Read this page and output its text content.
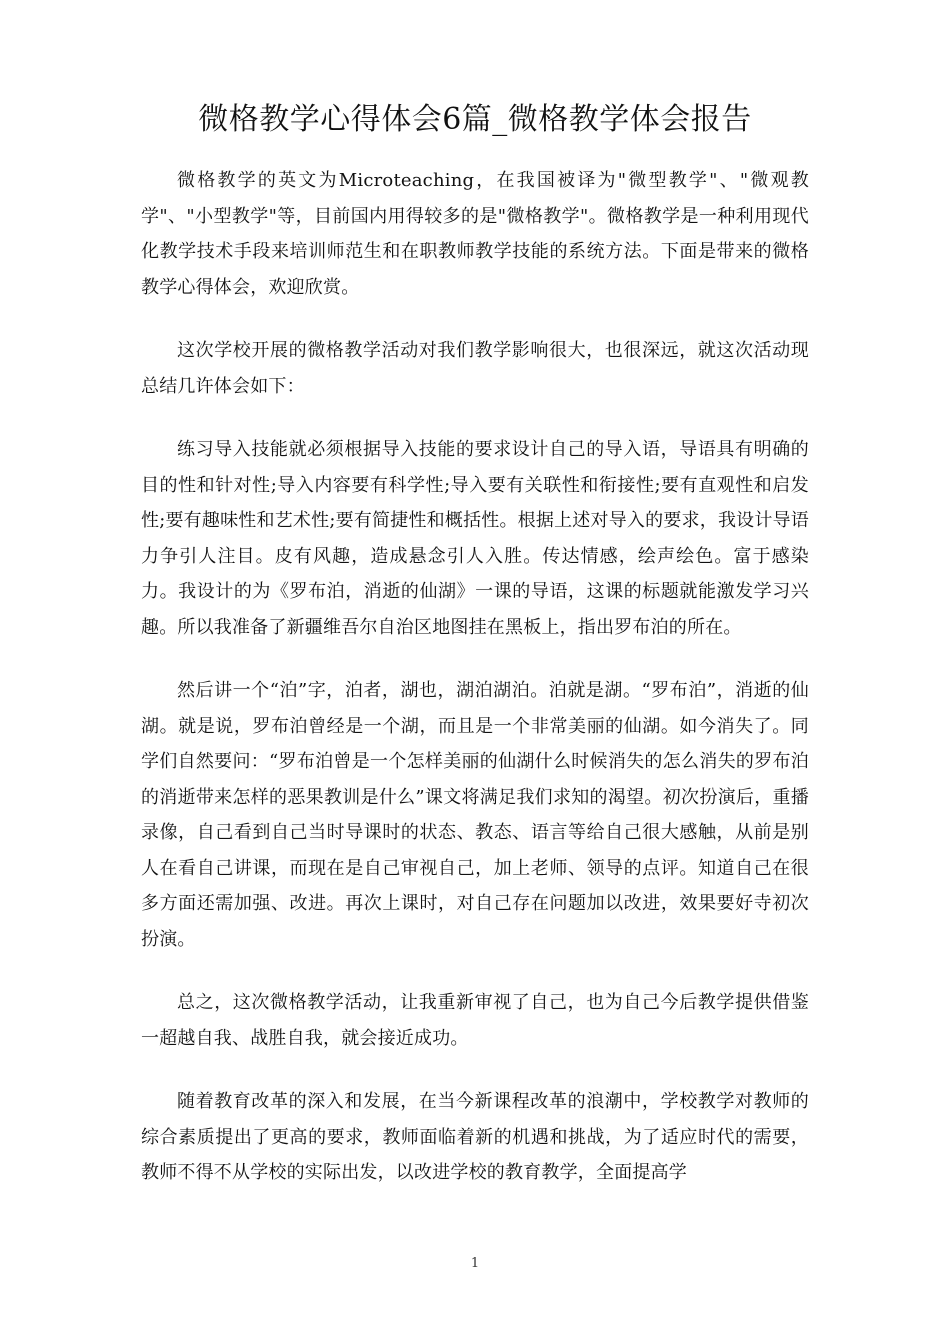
微格教学心得体会6篇_微格教学体会报告

微格教学的英文为Microteaching，在我国被译为"微型教学"、"微观教学"、"小型教学"等，目前国内用得较多的是"微格教学"。微格教学是一种利用现代化教学技术手段来培训师范生和在职教师教学技能的系统方法。下面是带来的微格教学心得体会，欢迎欣赏。

这次学校开展的微格教学活动对我们教学影响很大，也很深远，就这次活动现总结几许体会如下：

练习导入技能就必须根据导入技能的要求设计自己的导入语，导语具有明确的目的性和针对性;导入内容要有科学性;导入要有关联性和衔接性;要有直观性和启发性;要有趣味性和艺术性;要有简捷性和概括性。根据上述对导入的要求，我设计导语力争引人注目。皮有风趣，造成悬念引人入胜。传达情感，绘声绘色。富于感染力。我设计的为《罗布泊，消逝的仙湖》一课的导语，这课的标题就能激发学习兴趣。所以我准备了新疆维吾尔自治区地图挂在黑板上，指出罗布泊的所在。

然后讲一个“泊”字，泊者，湖也，湖泊湖泊。泊就是湖。“罗布泊”，消逝的仙湖。就是说，罗布泊曾经是一个湖，而且是一个非常美丽的仙湖。如今消失了。同学们自然要问：“罗布泊曾是一个怎样美丽的仙湖什么时候消失的怎么消失的罗布泊的消逝带来怎样的恶果教训是什么”课文将满足我们求知的渴望。初次扮演后，重播录像，自己看到自己当时导课时的状态、教态、语言等给自己很大感触，从前是别人在看自己讲课，而现在是自己审视自己，加上老师、领导的点评。知道自己在很多方面还需加强、改进。再次上课时，对自己存在问题加以改进，效果要好寺初次扮演。

总之，这次微格教学活动，让我重新审视了自己，也为自己今后教学提供借鉴一超越自我、战胜自我，就会接近成功。

随着教育改革的深入和发展，在当今新课程改革的浪潮中，学校教学对教师的综合素质提出了更高的要求，教师面临着新的机遇和挑战，为了适应时代的需要，教师不得不从学校的实际出发，以改进学校的教育教学，全面提高学

1
